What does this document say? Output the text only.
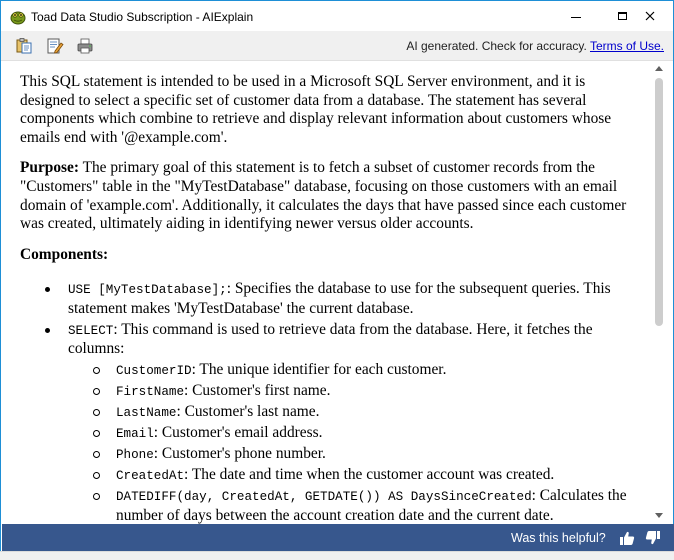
Toad Data Studio Subscription - AIExplain
AI generated. Check for accuracy. Terms of Use.

This SQL statement is intended to be used in a Microsoft SQL Server environment, and it is designed to select a specific set of customer data from a database. The statement has several components which combine to retrieve and display relevant information about customers whose emails end with '@example.com'.

Purpose: The primary goal of this statement is to fetch a subset of customer records from the "Customers" table in the "MyTestDatabase" database, focusing on those customers with an email domain of 'example.com'. Additionally, it calculates the days that have passed since each customer was created, ultimately aiding in identifying newer versus older accounts.

Components:

USE [MyTestDatabase];: Specifies the database to use for the subsequent queries. This statement makes 'MyTestDatabase' the current database.
SELECT: This command is used to retrieve data from the database. Here, it fetches the columns:
CustomerID: The unique identifier for each customer.
FirstName: Customer's first name.
LastName: Customer's last name.
Email: Customer's email address.
Phone: Customer's phone number.
CreatedAt: The date and time when the customer account was created.
DATEDIFF(day, CreatedAt, GETDATE()) AS DaysSinceCreated: Calculates the number of days between the account creation date and the current date.
Was this helpful?
